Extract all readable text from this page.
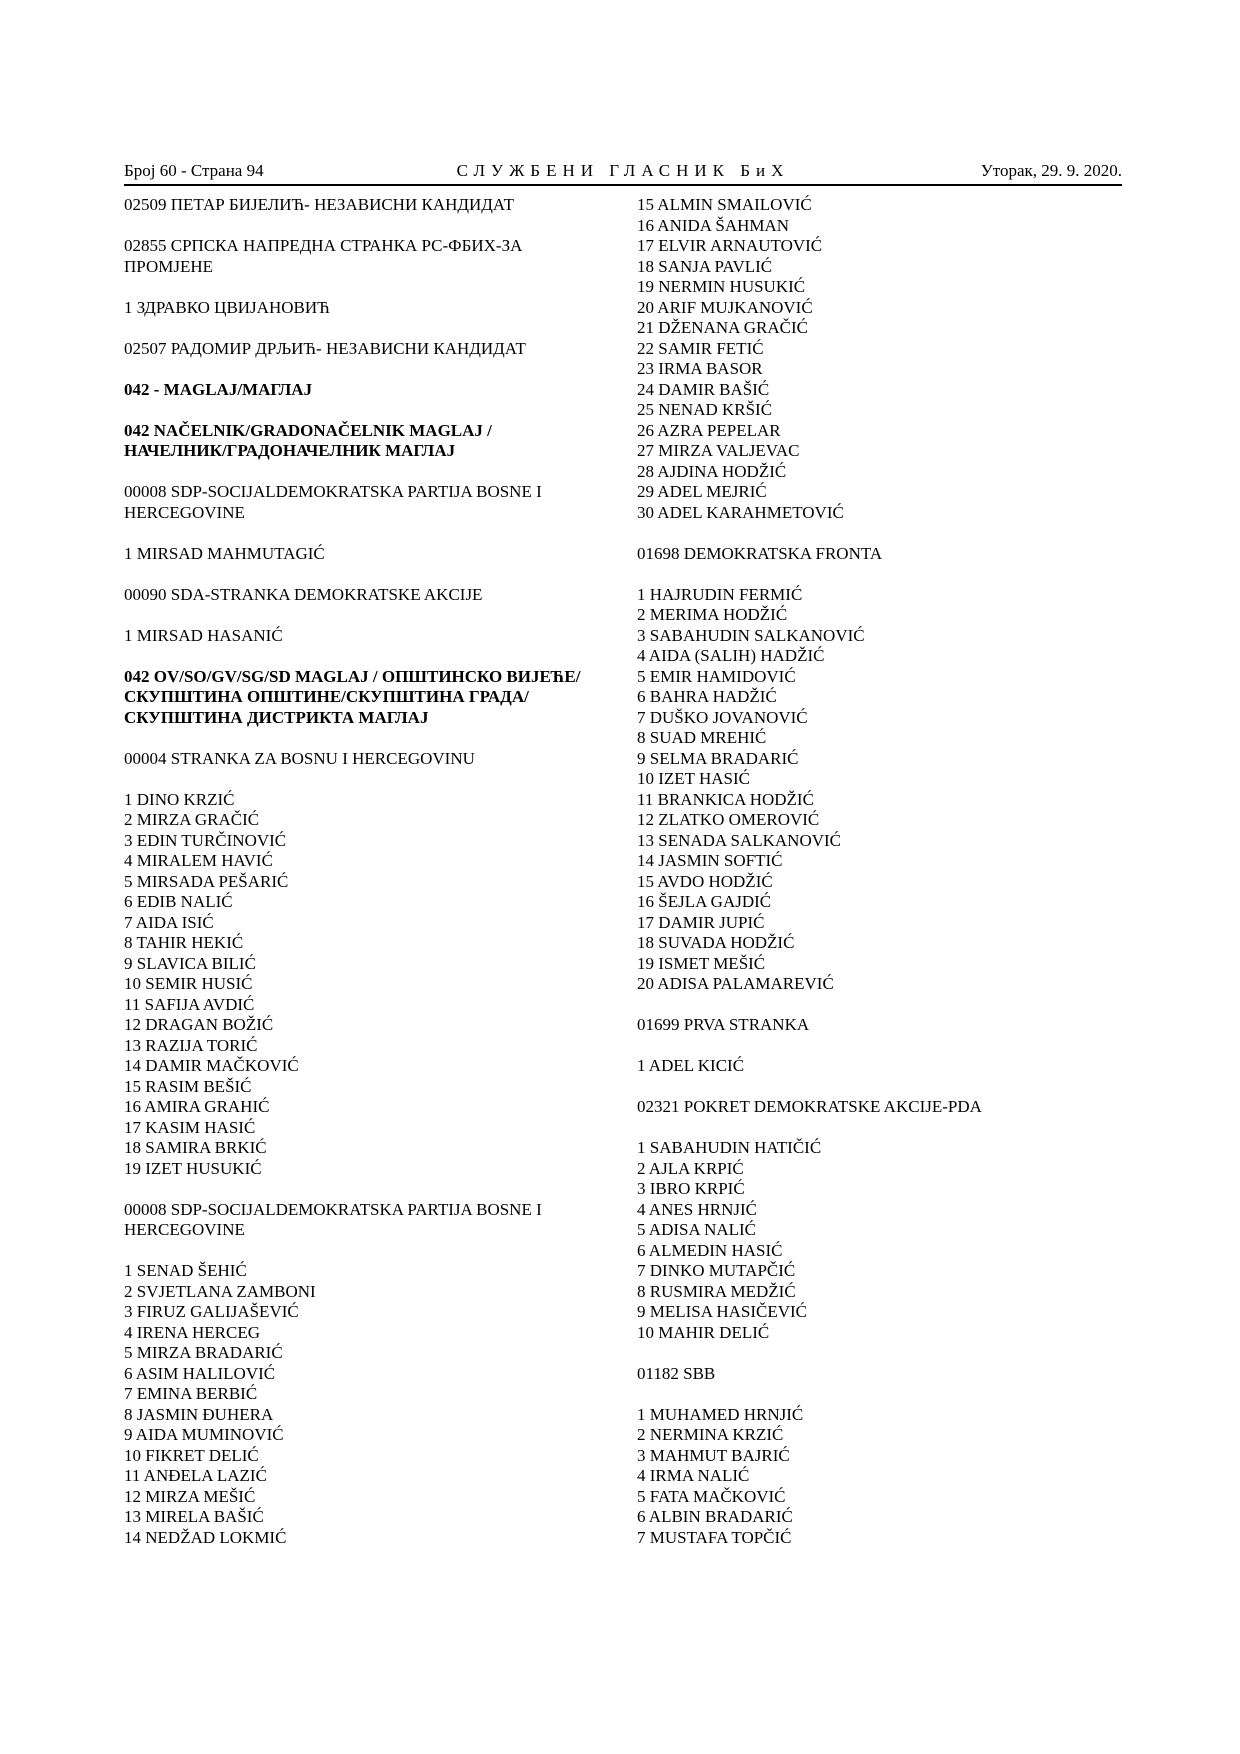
Број 60 - Страна 94	СЛУЖБЕНИ ГЛАСНИК БиХ	Уторак, 29. 9. 2020.
02509 ПЕТАР БИЈЕЛИЋ- НЕЗАВИСНИ КАНДИДАТ
02855 СРПСКА НАПРЕДНА СТРАНКА РС-ФБИХ-ЗА ПРОМЈЕНЕ
1 ЗДРАВКО ЦВИЈАНОВИЋ
02507 РАДОМИР ДРЉИЋ- НЕЗАВИСНИ КАНДИДАТ
042 - MAGLAJ/МАГЛАЈ
042 NAČELNIK/GRADONAČELNIK MAGLAJ / НАЧЕЛНИК/ГРАДОНАЧЕЛНИК МАГЛАЈ
00008 SDP-SOCIJALDEMOKRATSKA PARTIJA BOSNE I HERCEGOVINE
1 MIRSAD MAHMUTAGIĆ
00090 SDA-STRANKA DEMOKRATSKE AKCIJE
1 MIRSAD HASANIĆ
042 OV/SO/GV/SG/SD MAGLAJ / ОПШТИНСКО ВИЈЕЋЕ/СКУПШТИНА ОПШТИНЕ/СКУПШТИНА ГРАДА/СКУПШТИНА ДИСТРИКТА МАГЛАЈ
00004 STRANKA ZA BOSNU I HERCEGOVINU
1 DINO KRZIĆ
2 MIRZA GRAČIĆ
3 EDIN TURČINOVIĆ
4 MIRALEM HAVIĆ
5 MIRSADA PEŠARIĆ
6 EDIB NALIĆ
7 AIDA ISIĆ
8 TAHIR HEKIĆ
9 SLAVICA BILIĆ
10 SEMIR HUSIĆ
11 SAFIJA AVDIĆ
12 DRAGAN BOŽIĆ
13 RAZIJA TORIĆ
14 DAMIR MAČKOVIĆ
15 RASIM BEŠIĆ
16 AMIRA GRAHIĆ
17 KASIM HASIĆ
18 SAMIRA BRKIĆ
19 IZET HUSUKIĆ
00008 SDP-SOCIJALDEMOKRATSKA PARTIJA BOSNE I HERCEGOVINE
1 SENAD ŠEHIĆ
2 SVJETLANA ZAMBONI
3 FIRUZ GALIJAŠEVIĆ
4 IRENA HERCEG
5 MIRZA BRADARIĆ
6 ASIM HALILOVIĆ
7 EMINA BERBIĆ
8 JASMIN ĐUHERA
9 AIDA MUMINOVIĆ
10 FIKRET DELIĆ
11 ANĐELA LAZIĆ
12 MIRZA MEŠIĆ
13 MIRELA BAŠIĆ
14 NEDŽAD LOKMIĆ
15 ALMIN SMAILOVIĆ
16 ANIDA ŠAHMAN
17 ELVIR ARNAUTOVIĆ
18 SANJA PAVLIĆ
19 NERMIN HUSUKIĆ
20 ARIF MUJKANOVIĆ
21 DŽENANA GRAČIĆ
22 SAMIR FETIĆ
23 IRMA BASOR
24 DAMIR BAŠIĆ
25 NENAD KRŠIĆ
26 AZRA PEPELAR
27 MIRZA VALJEVAC
28 AJDINA HODŽIĆ
29 ADEL MEJRIĆ
30 ADEL KARAHMETOVIĆ
01698 DEMOKRATSKA FRONTA
1 HAJRUDIN FERMIĆ
2 MERIMA HODŽIĆ
3 SABAHUDIN SALKANOVIĆ
4 AIDA (SALIH) HADŽIĆ
5 EMIR HAMIDOVIĆ
6 BAHRA HADŽIĆ
7 DUŠKO JOVANOVIĆ
8 SUAD MREHIĆ
9 SELMA BRADARIĆ
10 IZET HASIĆ
11 BRANKICA HODŽIĆ
12 ZLATKO OMEROVIĆ
13 SENADA SALKANOVIĆ
14 JASMIN SOFTIĆ
15 AVDO HODŽIĆ
16 ŠEJLA GAJDIĆ
17 DAMIR JUPIĆ
18 SUVADA HODŽIĆ
19 ISMET MEŠIĆ
20 ADISA PALAMAREVIĆ
01699 PRVA STRANKA
1 ADEL KICIĆ
02321 POKRET DEMOKRATSKE AKCIJE-PDA
1 SABAHUDIN HATIČIĆ
2 AJLA KRPIĆ
3 IBRO KRPIĆ
4 ANES HRNJIĆ
5 ADISA NALIĆ
6 ALMEDIN HASIĆ
7 DINKO MUTAPČIĆ
8 RUSMIRA MEDŽIĆ
9 MELISA HASIČEVIĆ
10 MAHIR DELIĆ
01182 SBB
1 MUHAMED HRNJIĆ
2 NERMINA KRZIĆ
3 MAHMUT BAJRIĆ
4 IRMA NALIĆ
5 FATA MAČKOVIĆ
6 ALBIN BRADARIĆ
7 MUSTAFA TOPČIĆ
